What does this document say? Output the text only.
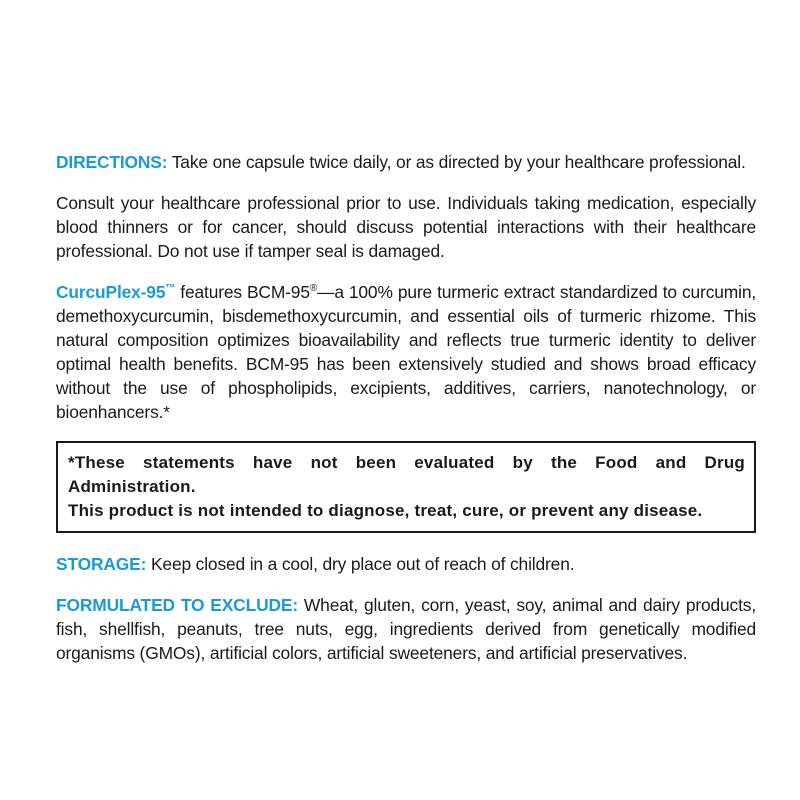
DIRECTIONS: Take one capsule twice daily, or as directed by your healthcare professional.

Consult your healthcare professional prior to use. Individuals taking medication, especially blood thinners or for cancer, should discuss potential interactions with their healthcare professional. Do not use if tamper seal is damaged.

CurcuPlex-95™ features BCM-95®—a 100% pure turmeric extract standardized to curcumin, demethoxycurcumin, bisdemethoxycurcumin, and essential oils of turmeric rhizome. This natural composition optimizes bioavailability and reflects true turmeric identity to deliver optimal health benefits. BCM-95 has been extensively studied and shows broad efficacy without the use of phospholipids, excipients, additives, carriers, nanotechnology, or bioenhancers.*

*These statements have not been evaluated by the Food and Drug Administration.
This product is not intended to diagnose, treat, cure, or prevent any disease.

STORAGE: Keep closed in a cool, dry place out of reach of children.

FORMULATED TO EXCLUDE: Wheat, gluten, corn, yeast, soy, animal and dairy products, fish, shellfish, peanuts, tree nuts, egg, ingredients derived from genetically modified organisms (GMOs), artificial colors, artificial sweeteners, and artificial preservatives.
